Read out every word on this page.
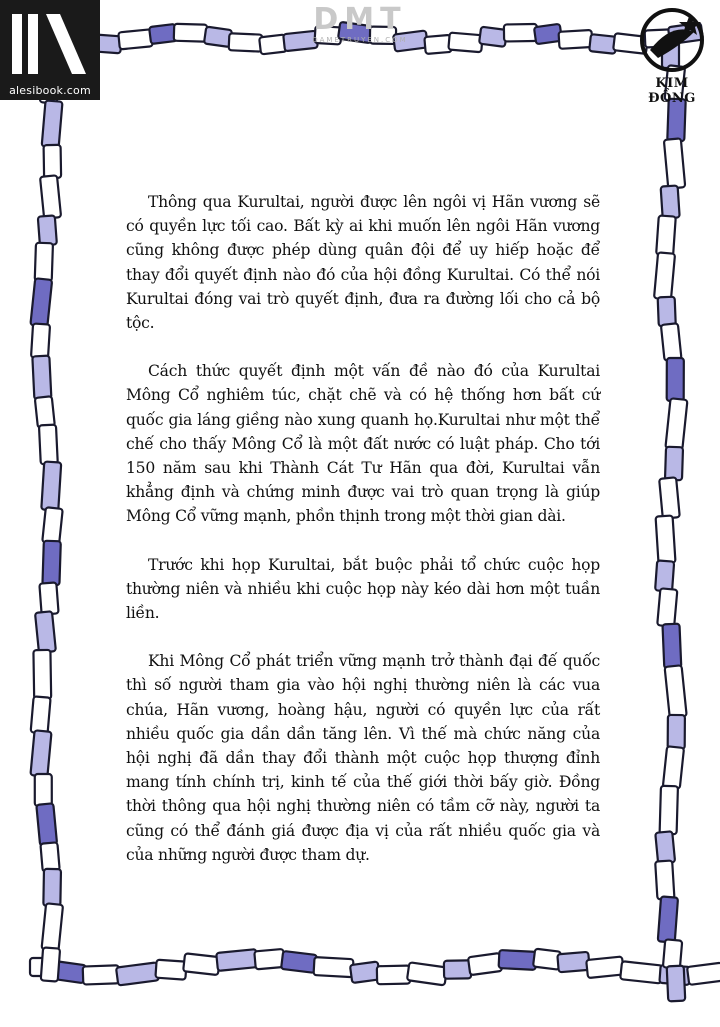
alesibook.com
DMT
DAMETRUYEN.COM
KIM ĐỒNG

Thông qua Kurultai, người được lên ngôi vị Hãn vương sẽ có quyền lực tối cao. Bất kỳ ai khi muốn lên ngôi Hãn vương cũng không được phép dùng quân đội để uy hiếp hoặc để thay đổi quyết định nào đó của hội đồng Kurultai. Có thể nói Kurultai đóng vai trò quyết định, đưa ra đường lối cho cả bộ tộc.

Cách thức quyết định một vấn đề nào đó của Kurultai Mông Cổ nghiêm túc, chặt chẽ và có hệ thống hơn bất cứ quốc gia láng giềng nào xung quanh họ.Kurultai như một thể chế cho thấy Mông Cổ là một đất nước có luật pháp. Cho tới 150 năm sau khi Thành Cát Tư Hãn qua đời, Kurultai vẫn khẳng định và chứng minh được vai trò quan trọng là giúp Mông Cổ vững mạnh, phồn thịnh trong một thời gian dài.

Trước khi họp Kurultai, bắt buộc phải tổ chức cuộc họp thường niên và nhiều khi cuộc họp này kéo dài hơn một tuần liền.

Khi Mông Cổ phát triển vững mạnh trở thành đại đế quốc thì số người tham gia vào hội nghị thường niên là các vua chúa, Hãn vương, hoàng hậu, người có quyền lực của rất nhiều quốc gia dần dần tăng lên. Vì thế mà chức năng của hội nghị đã dần thay đổi thành một cuộc họp thượng đỉnh mang tính chính trị, kinh tế của thế giới thời bấy giờ. Đồng thời thông qua hội nghị thường niên có tầm cỡ này, người ta cũng có thể đánh giá được địa vị của rất nhiều quốc gia và của những người được tham dự.
